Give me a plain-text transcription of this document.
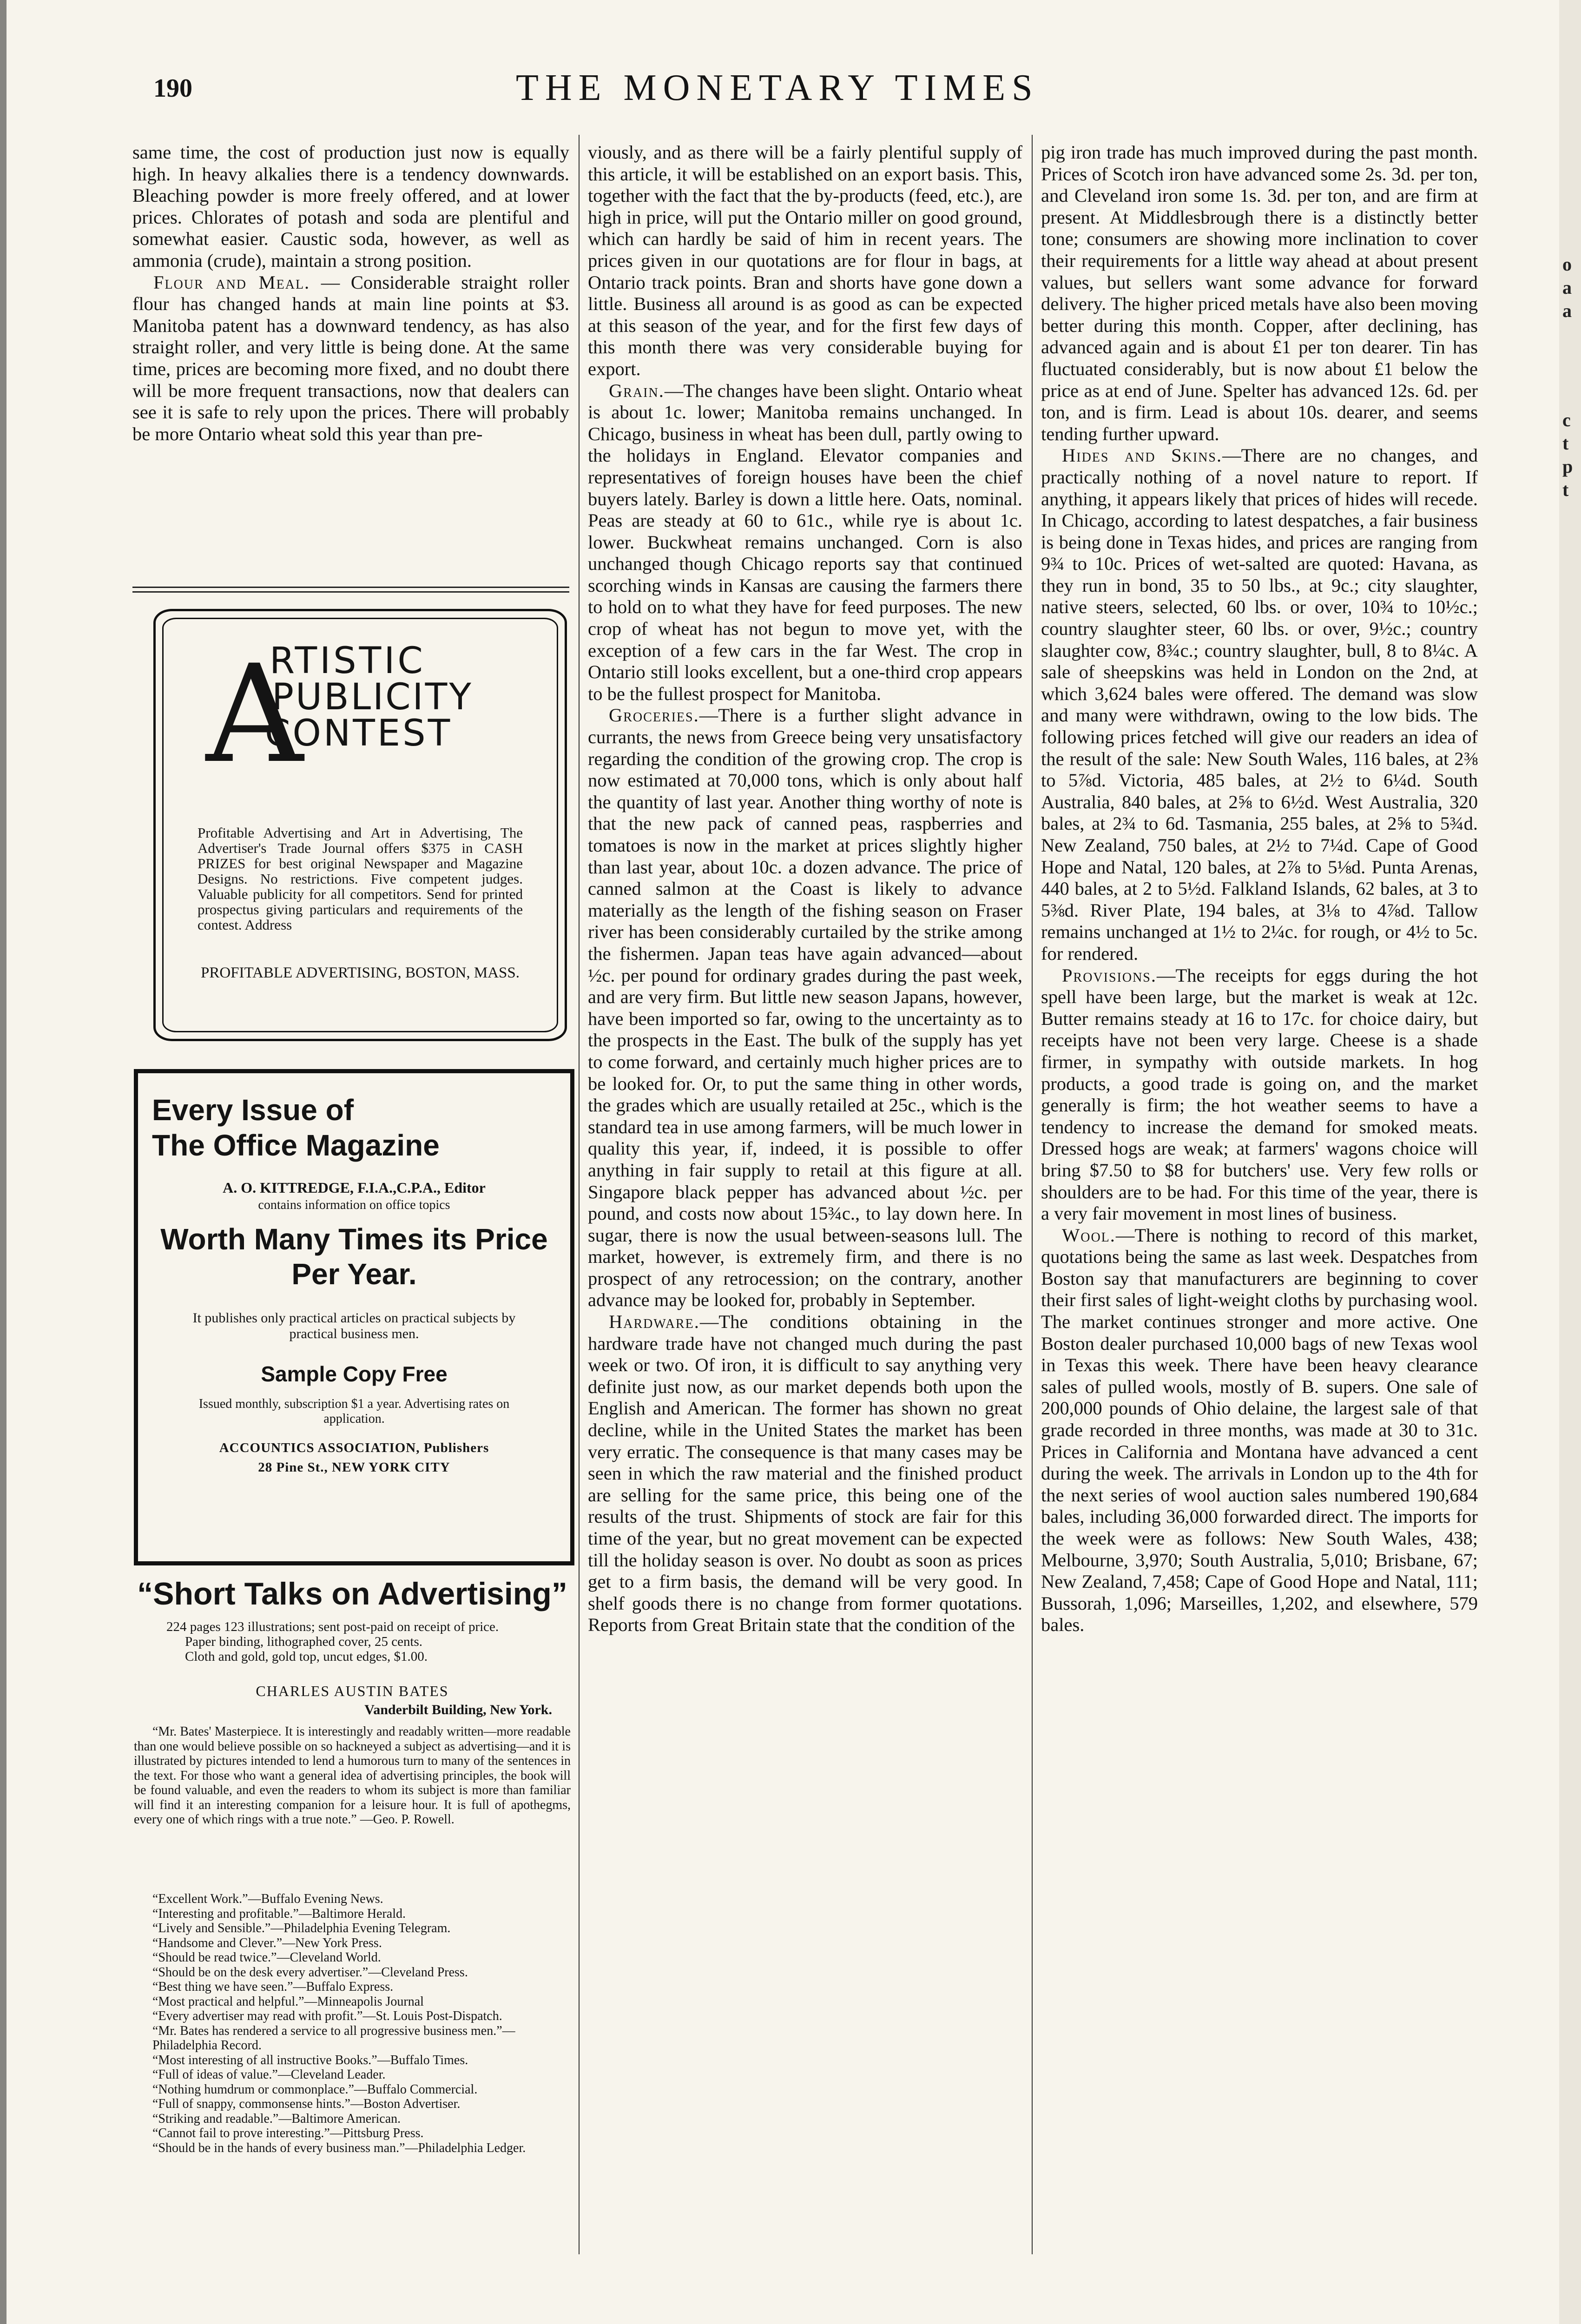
o
a
a
c
t
p
t
190	THE MONETARY TIMES

same time, the cost of production just now is equally high. In heavy alkalies there is a tendency downwards. Bleaching powder is more freely offered, and at lower prices. Chlorates of potash and soda are plentiful and somewhat easier. Caustic soda, however, as well as ammonia (crude), maintain a strong position.

Flour and Meal. — Considerable straight roller flour has changed hands at main line points at $3. Manitoba patent has a downward tendency, as has also straight roller, and very little is being done. At the same time, prices are becoming more fixed, and no doubt there will be more frequent transactions, now that dealers can see it is safe to rely upon the prices. There will probably be more Ontario wheat sold this year than pre-

A
RTISTIC
PUBLICITY
CONTEST
Profitable Advertising and Art in Advertising, The Advertiser's Trade Journal offers $375 in CASH PRIZES for best original Newspaper and Magazine Designs. No restrictions. Five competent judges. Valuable publicity for all competitors. Send for printed prospectus giving particulars and requirements of the contest. Address
PROFITABLE ADVERTISING, BOSTON, MASS.
Every Issue of
The Office Magazine
A. O. KITTREDGE, F.I.A.,C.P.A., Editor
contains information on office topics
Worth Many Times its Price
Per Year.
It publishes only practical articles on practical subjects by practical business men.
Sample Copy Free
Issued monthly, subscription $1 a year. Advertising rates on application.
ACCOUNTICS ASSOCIATION, Publishers
28 Pine St., NEW YORK CITY
“Short Talks on Advertising”
224 pages 123 illustrations; sent post-paid on receipt of price.
Paper binding, lithographed cover, 25 cents.
Cloth and gold, gold top, uncut edges, $1.00.
CHARLES AUSTIN BATES
Vanderbilt Building, New York.

“Mr. Bates' Masterpiece. It is interestingly and readably written—more readable than one would believe possible on so hackneyed a subject as advertising—and it is illustrated by pictures intended to lend a humorous turn to many of the sentences in the text. For those who want a general idea of advertising principles, the book will be found valuable, and even the readers to whom its subject is more than familiar will find it an interesting companion for a leisure hour. It is full of apothegms, every one of which rings with a true note.” —Geo. P. Rowell.

“Excellent Work.”—Buffalo Evening News.

“Interesting and profitable.”—Baltimore Herald.

“Lively and Sensible.”—Philadelphia Evening Telegram.

“Handsome and Clever.”—New York Press.

“Should be read twice.”—Cleveland World.

“Should be on the desk every advertiser.”—Cleveland Press.

“Best thing we have seen.”—Buffalo Express.

“Most practical and helpful.”—Minneapolis Journal

“Every advertiser may read with profit.”—St. Louis Post-Dispatch.

“Mr. Bates has rendered a service to all progressive business men.”—Philadelphia Record.

“Most interesting of all instructive Books.”—Buffalo Times.

“Full of ideas of value.”—Cleveland Leader.

“Nothing humdrum or commonplace.”—Buffalo Commercial.

“Full of snappy, commonsense hints.”—Boston Advertiser.

“Striking and readable.”—Baltimore American.

“Cannot fail to prove interesting.”—Pittsburg Press.

“Should be in the hands of every business man.”—Philadelphia Ledger.

viously, and as there will be a fairly plentiful supply of this article, it will be established on an export basis. This, together with the fact that the by-products (feed, etc.), are high in price, will put the Ontario miller on good ground, which can hardly be said of him in recent years. The prices given in our quotations are for flour in bags, at Ontario track points. Bran and shorts have gone down a little. Business all around is as good as can be expected at this season of the year, and for the first few days of this month there was very considerable buying for export.

Grain.—The changes have been slight. Ontario wheat is about 1c. lower; Manitoba remains unchanged. In Chicago, business in wheat has been dull, partly owing to the holidays in England. Elevator companies and representatives of foreign houses have been the chief buyers lately. Barley is down a little here. Oats, nominal. Peas are steady at 60 to 61c., while rye is about 1c. lower. Buckwheat remains unchanged. Corn is also unchanged though Chicago reports say that continued scorching winds in Kansas are causing the farmers there to hold on to what they have for feed purposes. The new crop of wheat has not begun to move yet, with the exception of a few cars in the far West. The crop in Ontario still looks excellent, but a one-third crop appears to be the fullest prospect for Manitoba.

Groceries.—There is a further slight advance in currants, the news from Greece being very unsatisfactory regarding the condition of the growing crop. The crop is now estimated at 70,000 tons, which is only about half the quantity of last year. Another thing worthy of note is that the new pack of canned peas, raspberries and tomatoes is now in the market at prices slightly higher than last year, about 10c. a dozen advance. The price of canned salmon at the Coast is likely to advance materially as the length of the fishing season on Fraser river has been considerably curtailed by the strike among the fishermen. Japan teas have again advanced—about ½c. per pound for ordinary grades during the past week, and are very firm. But little new season Japans, however, have been imported so far, owing to the uncertainty as to the prospects in the East. The bulk of the supply has yet to come forward, and certainly much higher prices are to be looked for. Or, to put the same thing in other words, the grades which are usually retailed at 25c., which is the standard tea in use among farmers, will be much lower in quality this year, if, indeed, it is possible to offer anything in fair supply to retail at this figure at all. Singapore black pepper has advanced about ½c. per pound, and costs now about 15¾c., to lay down here. In sugar, there is now the usual between-seasons lull. The market, however, is extremely firm, and there is no prospect of any retrocession; on the contrary, another advance may be looked for, probably in September.

Hardware.—The conditions obtaining in the hardware trade have not changed much during the past week or two. Of iron, it is difficult to say anything very definite just now, as our market depends both upon the English and American. The former has shown no great decline, while in the United States the market has been very erratic. The consequence is that many cases may be seen in which the raw material and the finished product are selling for the same price, this being one of the results of the trust. Shipments of stock are fair for this time of the year, but no great movement can be expected till the holiday season is over. No doubt as soon as prices get to a firm basis, the demand will be very good. In shelf goods there is no change from former quotations. Reports from Great Britain state that the condition of the

pig iron trade has much improved during the past month. Prices of Scotch iron have advanced some 2s. 3d. per ton, and Cleveland iron some 1s. 3d. per ton, and are firm at present. At Middlesbrough there is a distinctly better tone; consumers are showing more inclination to cover their requirements for a little way ahead at about present values, but sellers want some advance for forward delivery. The higher priced metals have also been moving better during this month. Copper, after declining, has advanced again and is about £1 per ton dearer. Tin has fluctuated considerably, but is now about £1 below the price as at end of June. Spelter has advanced 12s. 6d. per ton, and is firm. Lead is about 10s. dearer, and seems tending further upward.

Hides and Skins.—There are no changes, and practically nothing of a novel nature to report. If anything, it appears likely that prices of hides will recede. In Chicago, according to latest despatches, a fair business is being done in Texas hides, and prices are ranging from 9¾ to 10c. Prices of wet-salted are quoted: Havana, as they run in bond, 35 to 50 lbs., at 9c.; city slaughter, native steers, selected, 60 lbs. or over, 10¾ to 10½c.; country slaughter steer, 60 lbs. or over, 9½c.; country slaughter cow, 8¾c.; country slaughter, bull, 8 to 8¼c. A sale of sheepskins was held in London on the 2nd, at which 3,624 bales were offered. The demand was slow and many were withdrawn, owing to the low bids. The following prices fetched will give our readers an idea of the result of the sale: New South Wales, 116 bales, at 2⅜ to 5⅞d. Victoria, 485 bales, at 2½ to 6¼d. South Australia, 840 bales, at 2⅝ to 6½d. West Australia, 320 bales, at 2¾ to 6d. Tasmania, 255 bales, at 2⅝ to 5¾d. New Zealand, 750 bales, at 2½ to 7¼d. Cape of Good Hope and Natal, 120 bales, at 2⅞ to 5⅛d. Punta Arenas, 440 bales, at 2 to 5½d. Falkland Islands, 62 bales, at 3 to 5⅜d. River Plate, 194 bales, at 3⅛ to 4⅞d. Tallow remains unchanged at 1½ to 2¼c. for rough, or 4½ to 5c. for rendered.

Provisions.—The receipts for eggs during the hot spell have been large, but the market is weak at 12c. Butter remains steady at 16 to 17c. for choice dairy, but receipts have not been very large. Cheese is a shade firmer, in sympathy with outside markets. In hog products, a good trade is going on, and the market generally is firm; the hot weather seems to have a tendency to increase the demand for smoked meats. Dressed hogs are weak; at farmers' wagons choice will bring $7.50 to $8 for butchers' use. Very few rolls or shoulders are to be had. For this time of the year, there is a very fair movement in most lines of business.

Wool.—There is nothing to record of this market, quotations being the same as last week. Despatches from Boston say that manufacturers are beginning to cover their first sales of light-weight cloths by purchasing wool. The market continues stronger and more active. One Boston dealer purchased 10,000 bags of new Texas wool in Texas this week. There have been heavy clearance sales of pulled wools, mostly of B. supers. One sale of 200,000 pounds of Ohio delaine, the largest sale of that grade recorded in three months, was made at 30 to 31c. Prices in California and Montana have advanced a cent during the week. The arrivals in London up to the 4th for the next series of wool auction sales numbered 190,684 bales, including 36,000 forwarded direct. The imports for the week were as follows: New South Wales, 438; Melbourne, 3,970; South Australia, 5,010; Brisbane, 67; New Zealand, 7,458; Cape of Good Hope and Natal, 111; Bussorah, 1,096; Marseilles, 1,202, and elsewhere, 579 bales.
